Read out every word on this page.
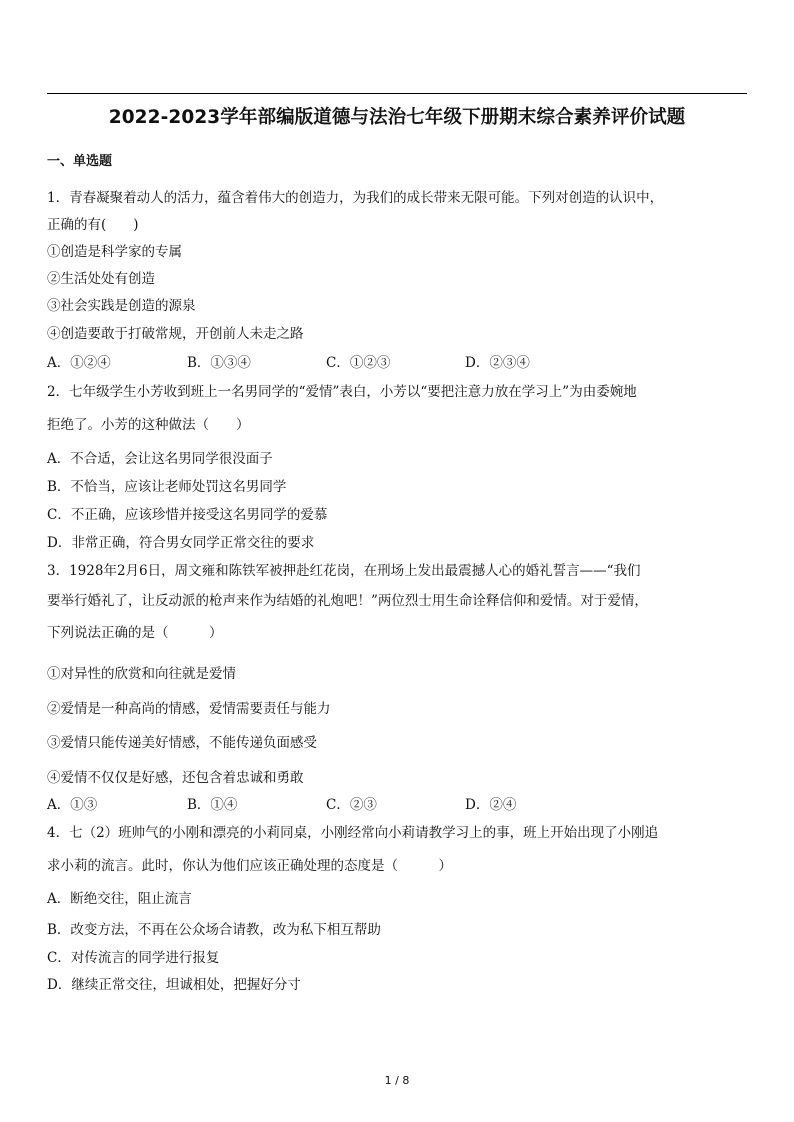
2022-2023学年部编版道德与法治七年级下册期末综合素养评价试题
一、单选题
1．青春凝聚着动人的活力，蕴含着伟大的创造力，为我们的成长带来无限可能。下列对创造的认识中，
正确的有(　　)
①创造是科学家的专属
②生活处处有创造
③社会实践是创造的源泉
④创造要敢于打破常规，开创前人未走之路
A．①②④	B．①③④	C．①②③	D．②③④
2．七年级学生小芳收到班上一名男同学的“爱情”表白，小芳以“要把注意力放在学习上”为由委婉地
拒绝了。小芳的这种做法（　　）
A．不合适，会让这名男同学很没面子
B．不恰当，应该让老师处罚这名男同学
C．不正确，应该珍惜并接受这名男同学的爱慕
D．非常正确，符合男女同学正常交往的要求
3．1928年2月6日，周文雍和陈铁军被押赴红花岗，在刑场上发出最震撼人心的婚礼誓言——“我们
要举行婚礼了，让反动派的枪声来作为结婚的礼炮吧！”两位烈士用生命诠释信仰和爱情。对于爱情，
下列说法正确的是（　　　）
①对异性的欣赏和向往就是爱情
②爱情是一种高尚的情感，爱情需要责任与能力
③爱情只能传递美好情感，不能传递负面感受
④爱情不仅仅是好感，还包含着忠诚和勇敢
A．①③	B．①④	C．②③	D．②④
4．七（2）班帅气的小刚和漂亮的小莉同桌，小刚经常向小莉请教学习上的事，班上开始出现了小刚追
求小莉的流言。此时，你认为他们应该正确处理的态度是（　　　）
A．断绝交往，阻止流言
B．改变方法，不再在公众场合请教，改为私下相互帮助
C．对传流言的同学进行报复
D．继续正常交往，坦诚相处，把握好分寸
1 / 8
